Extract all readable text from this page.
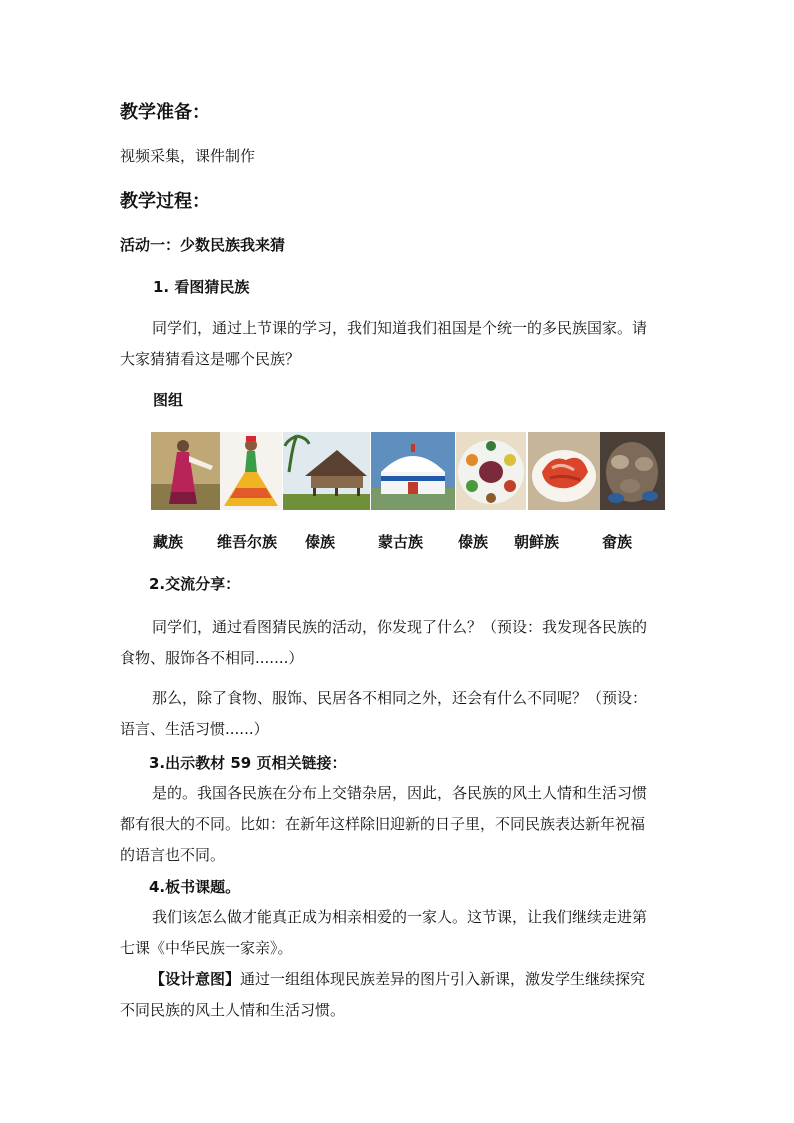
教学准备：

视频采集，课件制作

教学过程：

活动一：少数民族我来猜

1. 看图猜民族

同学们，通过上节课的学习，我们知道我们祖国是个统一的多民族国家。请

大家猜猜看这是哪个民族？

图组

藏族 维吾尔族 傣族	蒙古族 傣族 朝鲜族	畲族

2.交流分享：

同学们，通过看图猜民族的活动，你发现了什么？（预设：我发现各民族的

食物、服饰各不相同.......）

那么，除了食物、服饰、民居各不相同之外，还会有什么不同呢？（预设：

语言、生活习惯......）

3.出示教材 59 页相关链接：

是的。我国各民族在分布上交错杂居，因此，各民族的风土人情和生活习惯

都有很大的不同。比如：在新年这样除旧迎新的日子里，不同民族表达新年祝福

的语言也不同。

4.板书课题。

我们该怎么做才能真正成为相亲相爱的一家人。这节课，让我们继续走进第

七课《中华民族一家亲》。

【设计意图】通过一组组体现民族差异的图片引入新课，激发学生继续探究

不同民族的风土人情和生活习惯。
